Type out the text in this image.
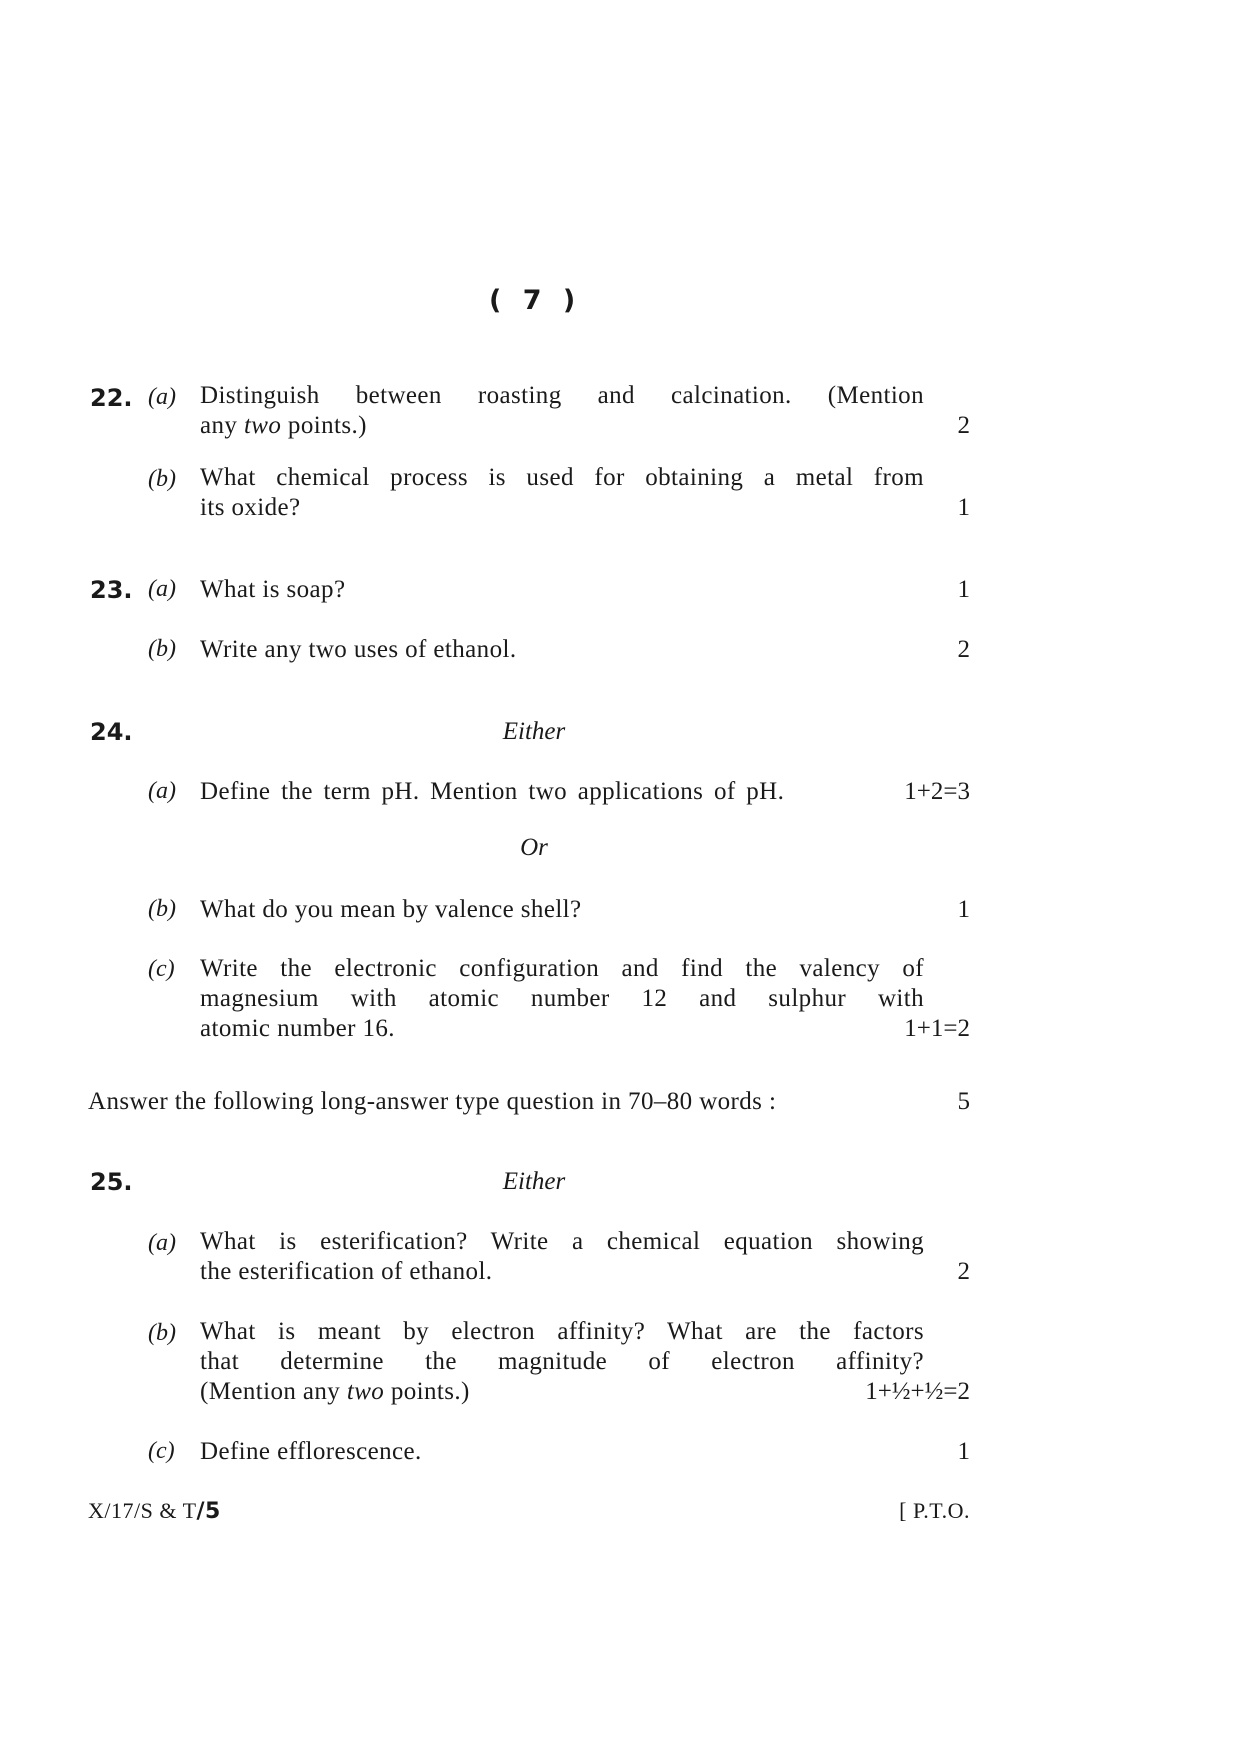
( 7 )
22. (a) Distinguish between roasting and calcination. (Mention
any two points.)	2
(b) What chemical process is used for obtaining a metal from
its oxide?	1
23. (a) What is soap?	1
(b) Write any two uses of ethanol.	2
24.	Either
(a) Define the term pH. Mention two applications of pH.	1+2=3
Or
(b) What do you mean by valence shell?	1
(c) Write the electronic configuration and find the valency of
magnesium with atomic number 12 and sulphur with
atomic number 16.	1+1=2
Answer the following long-answer type question in 70–80 words :	5
25.	Either
(a) What is esterification? Write a chemical equation showing
the esterification of ethanol.	2
(b) What is meant by electron affinity? What are the factors
that determine the magnitude of electron affinity?
(Mention any two points.)	1+½+½=2
(c) Define efflorescence.	1
X/17/S & T/5	[ P.T.O.
